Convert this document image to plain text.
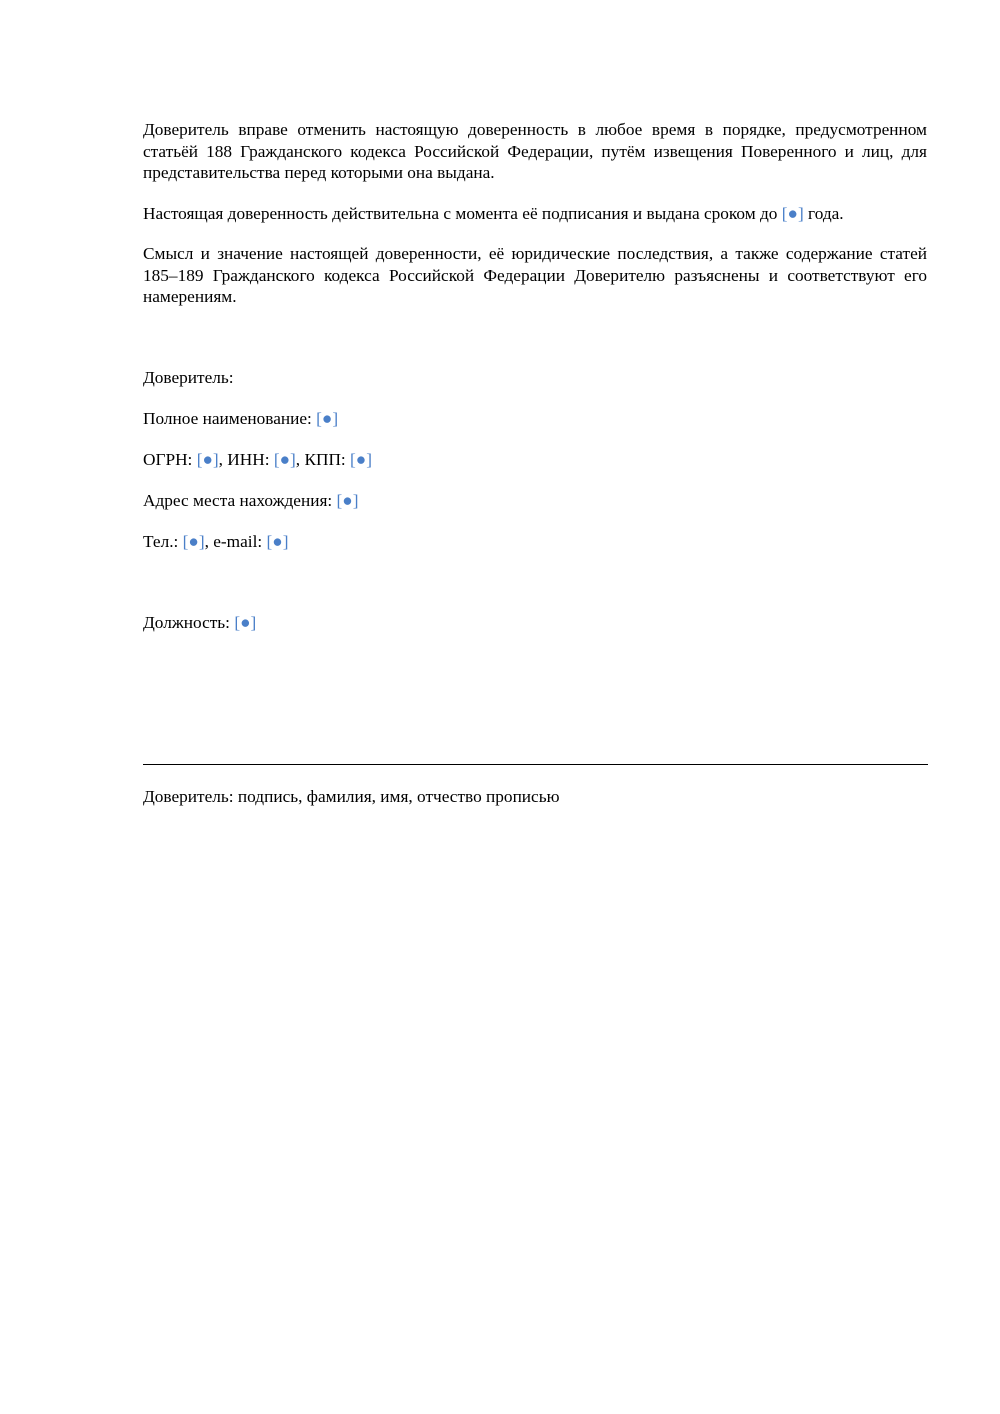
Доверитель вправе отменить настоящую доверенность в любое время в порядке, предусмотренном статьёй 188 Гражданского кодекса Российской Федерации, путём извещения Поверенного и лиц, для представительства перед которыми она выдана.

Настоящая доверенность действительна с момента её подписания и выдана сроком до [●] года.

Смысл и значение настоящей доверенности, её юридические последствия, а также содержание статей 185–189 Гражданского кодекса Российской Федерации Доверителю разъяснены и соответствуют его намерениям.

Доверитель:
Полное наименование: [●]
ОГРН: [●], ИНН: [●], КПП: [●]
Адрес места нахождения: [●]
Тел.: [●], e-mail: [●]
Должность: [●]
Доверитель: подпись, фамилия, имя, отчество прописью
